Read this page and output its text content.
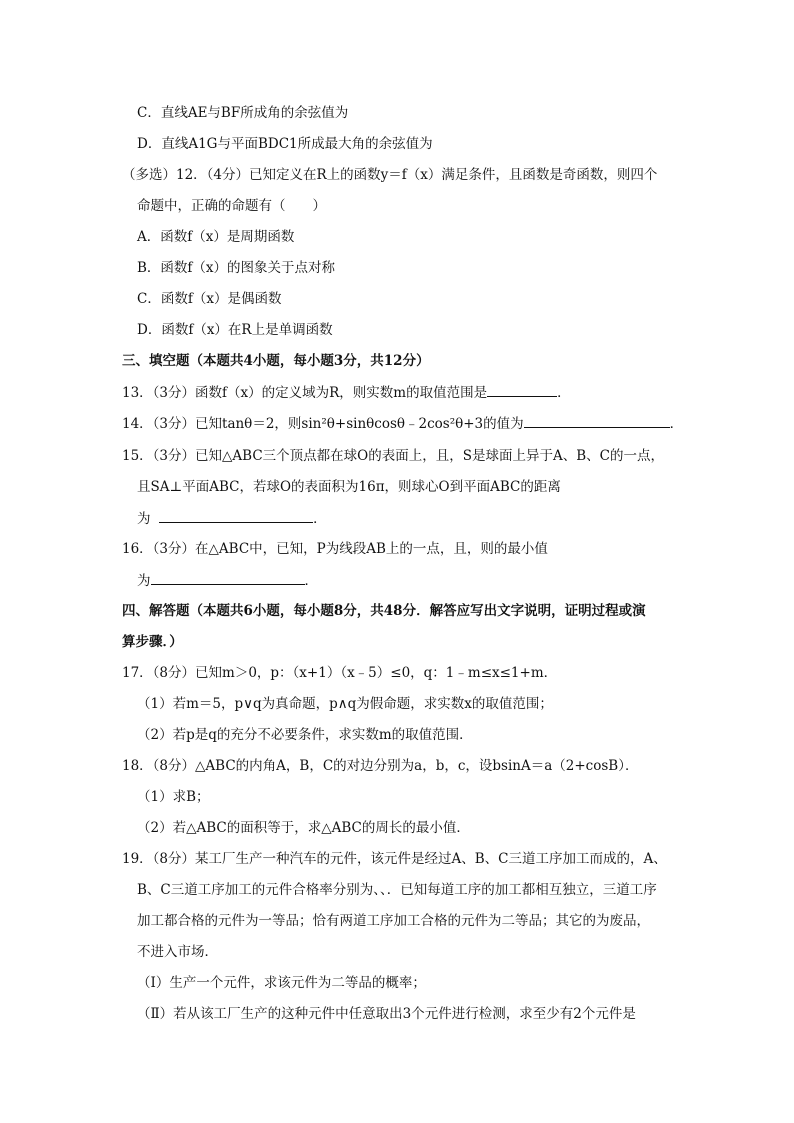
C．直线AE与BF所成角的余弦值为
D．直线A1G与平面BDC1所成最大角的余弦值为
（多选）12．（4分）已知定义在R上的函数y＝f（x）满足条件，且函数是奇函数，则四个
命题中，正确的命题有（　　）
A．函数f（x）是周期函数
B．函数f（x）的图象关于点对称
C．函数f（x）是偶函数
D．函数f（x）在R上是单调函数
三、填空题（本题共4小题，每小题3分，共12分）
13．（3分）函数f（x）的定义域为R，则实数m的取值范围是	．
14．（3分）已知tanθ＝2，则sin²θ+sinθcosθ﹣2cos²θ+3的值为	．
15．（3分）已知△ABC三个顶点都在球O的表面上，且，S是球面上异于A、B、C的一点，
且SA⊥平面ABC，若球O的表面积为16π，则球心O到平面ABC的距离
为	．
16．（3分）在△ABC中，已知，P为线段AB上的一点，且，则的最小值
为	．
四、解答题（本题共6小题，每小题8分，共48分．解答应写出文字说明，证明过程或演
算步骤．）
17．（8分）已知m＞0，p：（x+1）（x﹣5）≤0，q：1﹣m≤x≤1+m．
（1）若m＝5，p∨q为真命题，p∧q为假命题，求实数x的取值范围；
（2）若p是q的充分不必要条件，求实数m的取值范围．
18．（8分）△ABC的内角A，B，C的对边分别为a，b，c，设bsinA＝a（2+cosB）．
（1）求B；
（2）若△ABC的面积等于，求△ABC的周长的最小值．
19．（8分）某工厂生产一种汽车的元件，该元件是经过A、B、C三道工序加工而成的，A、
B、C三道工序加工的元件合格率分别为、、．已知每道工序的加工都相互独立，三道工序
加工都合格的元件为一等品；恰有两道工序加工合格的元件为二等品；其它的为废品，
不进入市场．
（Ⅰ）生产一个元件，求该元件为二等品的概率；
（Ⅱ）若从该工厂生产的这种元件中任意取出3个元件进行检测，求至少有2个元件是
